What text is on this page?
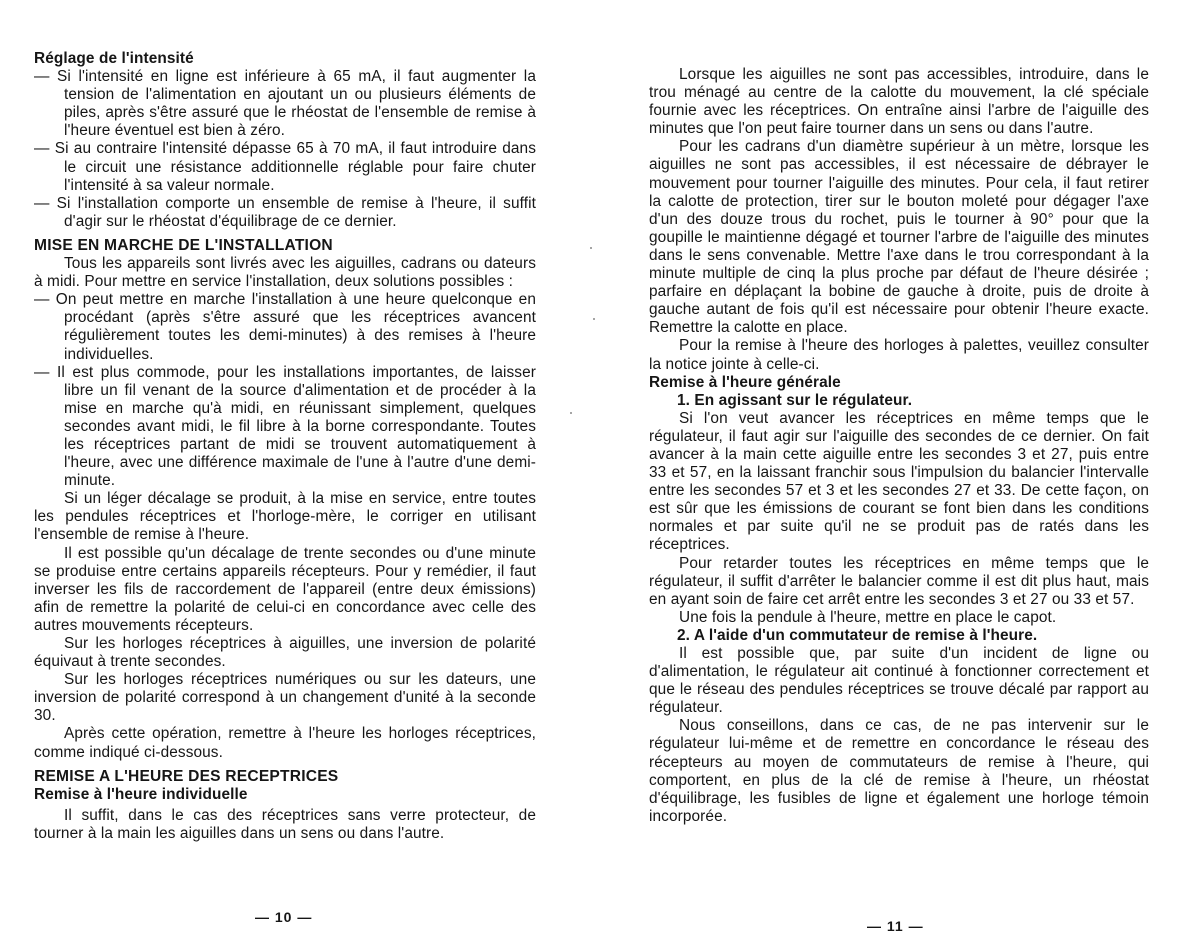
Réglage de l'intensité

— Si l'intensité en ligne est inférieure à 65 mA, il faut augmenter la tension de l'alimentation en ajoutant un ou plusieurs éléments de piles, après s'être assuré que le rhéostat de l'ensemble de remise à l'heure éventuel est bien à zéro.

— Si au contraire l'intensité dépasse 65 à 70 mA, il faut introduire dans le circuit une résistance additionnelle réglable pour faire chuter l'intensité à sa valeur normale.

— Si l'installation comporte un ensemble de remise à l'heure, il suffit d'agir sur le rhéostat d'équilibrage de ce dernier.

MISE EN MARCHE DE L'INSTALLATION

Tous les appareils sont livrés avec les aiguilles, cadrans ou dateurs à midi. Pour mettre en service l'installation, deux solutions possibles :

— On peut mettre en marche l'installation à une heure quelconque en procédant (après s'être assuré que les réceptrices avancent régulièrement toutes les demi-minutes) à des remises à l'heure individuelles.

— Il est plus commode, pour les installations importantes, de laisser libre un fil venant de la source d'alimentation et de procéder à la mise en marche qu'à midi, en réunissant simplement, quelques secondes avant midi, le fil libre à la borne correspondante. Toutes les réceptrices partant de midi se trouvent automatiquement à l'heure, avec une différence maximale de l'une à l'autre d'une demi-minute.

Si un léger décalage se produit, à la mise en service, entre toutes les pendules réceptrices et l'horloge-mère, le corriger en utilisant l'ensemble de remise à l'heure.

Il est possible qu'un décalage de trente secondes ou d'une minute se produise entre certains appareils récepteurs. Pour y remédier, il faut inverser les fils de raccordement de l'appareil (entre deux émissions) afin de remettre la polarité de celui-ci en concordance avec celle des autres mouvements récepteurs.

Sur les horloges réceptrices à aiguilles, une inversion de polarité équivaut à trente secondes.

Sur les horloges réceptrices numériques ou sur les dateurs, une inversion de polarité correspond à un changement d'unité à la seconde 30.

Après cette opération, remettre à l'heure les horloges réceptrices, comme indiqué ci-dessous.

REMISE A L'HEURE DES RECEPTRICES

Remise à l'heure individuelle

Il suffit, dans le cas des réceptrices sans verre protecteur, de tourner à la main les aiguilles dans un sens ou dans l'autre.

— 10 —

Lorsque les aiguilles ne sont pas accessibles, introduire, dans le trou ménagé au centre de la calotte du mouvement, la clé spéciale fournie avec les réceptrices. On entraîne ainsi l'arbre de l'aiguille des minutes que l'on peut faire tourner dans un sens ou dans l'autre.

Pour les cadrans d'un diamètre supérieur à un mètre, lorsque les aiguilles ne sont pas accessibles, il est nécessaire de débrayer le mouvement pour tourner l'aiguille des minutes. Pour cela, il faut retirer la calotte de protection, tirer sur le bouton moleté pour dégager l'axe d'un des douze trous du rochet, puis le tourner à 90° pour que la goupille le maintienne dégagé et tourner l'arbre de l'aiguille des minutes dans le sens convenable. Mettre l'axe dans le trou correspondant à la minute multiple de cinq la plus proche par défaut de l'heure désirée ; parfaire en déplaçant la bobine de gauche à droite, puis de droite à gauche autant de fois qu'il est nécessaire pour obtenir l'heure exacte. Remettre la calotte en place.

Pour la remise à l'heure des horloges à palettes, veuillez consulter la notice jointe à celle-ci.

Remise à l'heure générale

1. En agissant sur le régulateur.

Si l'on veut avancer les réceptrices en même temps que le régulateur, il faut agir sur l'aiguille des secondes de ce dernier. On fait avancer à la main cette aiguille entre les secondes 3 et 27, puis entre 33 et 57, en la laissant franchir sous l'impulsion du balancier l'intervalle entre les secondes 57 et 3 et les secondes 27 et 33. De cette façon, on est sûr que les émissions de courant se font bien dans les conditions normales et par suite qu'il ne se produit pas de ratés dans les réceptrices.

Pour retarder toutes les réceptrices en même temps que le régulateur, il suffit d'arrêter le balancier comme il est dit plus haut, mais en ayant soin de faire cet arrêt entre les secondes 3 et 27 ou 33 et 57.

Une fois la pendule à l'heure, mettre en place le capot.

2. A l'aide d'un commutateur de remise à l'heure.

Il est possible que, par suite d'un incident de ligne ou d'alimentation, le régulateur ait continué à fonctionner correctement et que le réseau des pendules réceptrices se trouve décalé par rapport au régulateur.

Nous conseillons, dans ce cas, de ne pas intervenir sur le régulateur lui-même et de remettre en concordance le réseau des récepteurs au moyen de commutateurs de remise à l'heure, qui comportent, en plus de la clé de remise à l'heure, un rhéostat d'équilibrage, les fusibles de ligne et également une horloge témoin incorporée.

— 11 —
